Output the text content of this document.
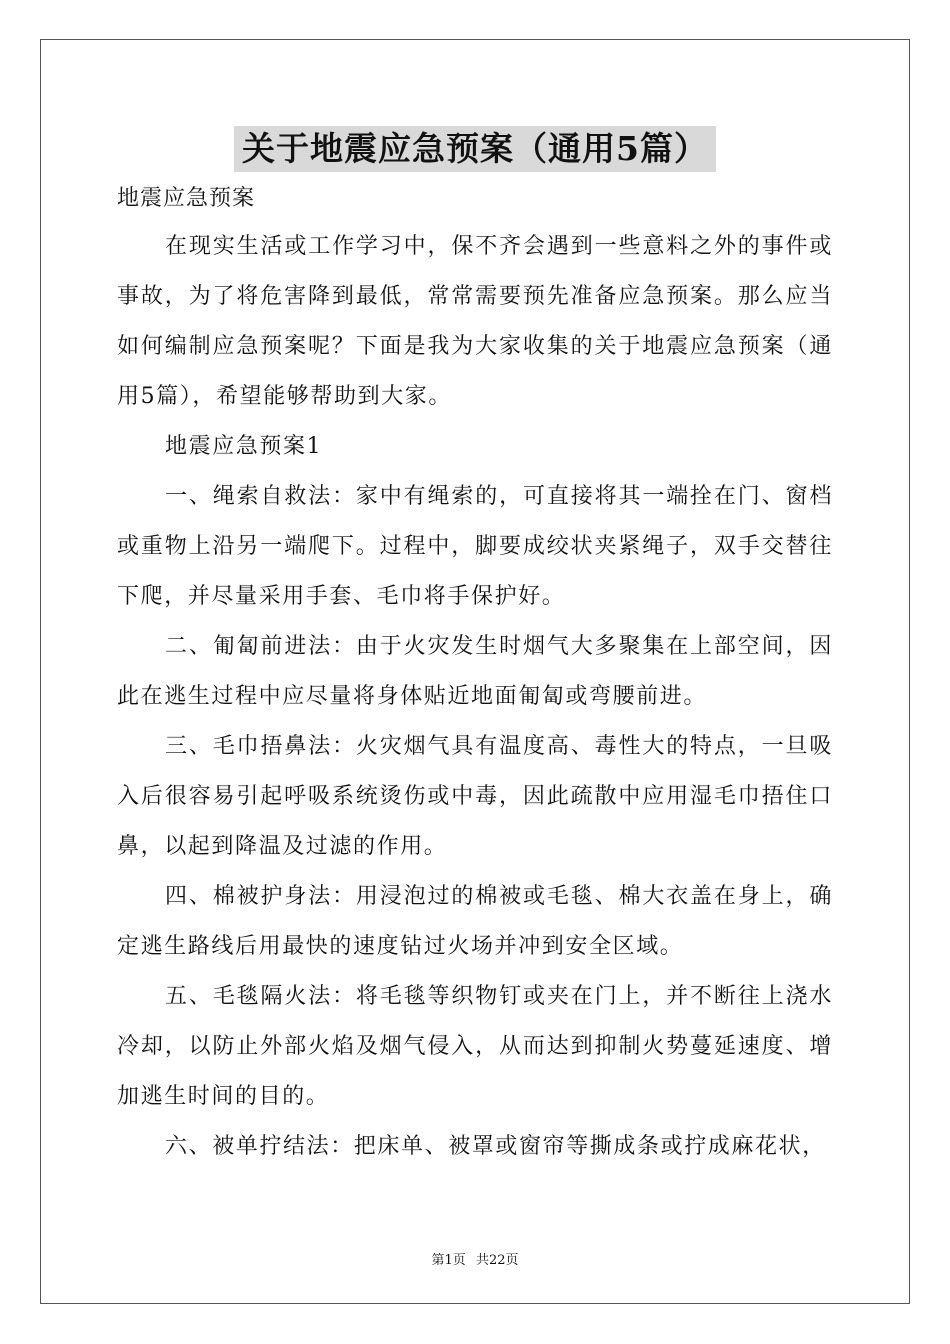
关于地震应急预案（通用5篇）
地震应急预案

在现实生活或工作学习中，保不齐会遇到一些意料之外的事件或事故，为了将危害降到最低，常常需要预先准备应急预案。那么应当如何编制应急预案呢？下面是我为大家收集的关于地震应急预案（通用5篇），希望能够帮助到大家。

地震应急预案1

一、绳索自救法：家中有绳索的，可直接将其一端拴在门、窗档或重物上沿另一端爬下。过程中，脚要成绞状夹紧绳子，双手交替往下爬，并尽量采用手套、毛巾将手保护好。

二、匍匐前进法：由于火灾发生时烟气大多聚集在上部空间，因此在逃生过程中应尽量将身体贴近地面匍匐或弯腰前进。

三、毛巾捂鼻法：火灾烟气具有温度高、毒性大的特点，一旦吸入后很容易引起呼吸系统烫伤或中毒，因此疏散中应用湿毛巾捂住口鼻，以起到降温及过滤的作用。

四、棉被护身法：用浸泡过的棉被或毛毯、棉大衣盖在身上，确定逃生路线后用最快的速度钻过火场并冲到安全区域。

五、毛毯隔火法：将毛毯等织物钉或夹在门上，并不断往上浇水冷却，以防止外部火焰及烟气侵入，从而达到抑制火势蔓延速度、增加逃生时间的目的。

六、被单拧结法：把床单、被罩或窗帘等撕成条或拧成麻花状，

第1页 共22页
